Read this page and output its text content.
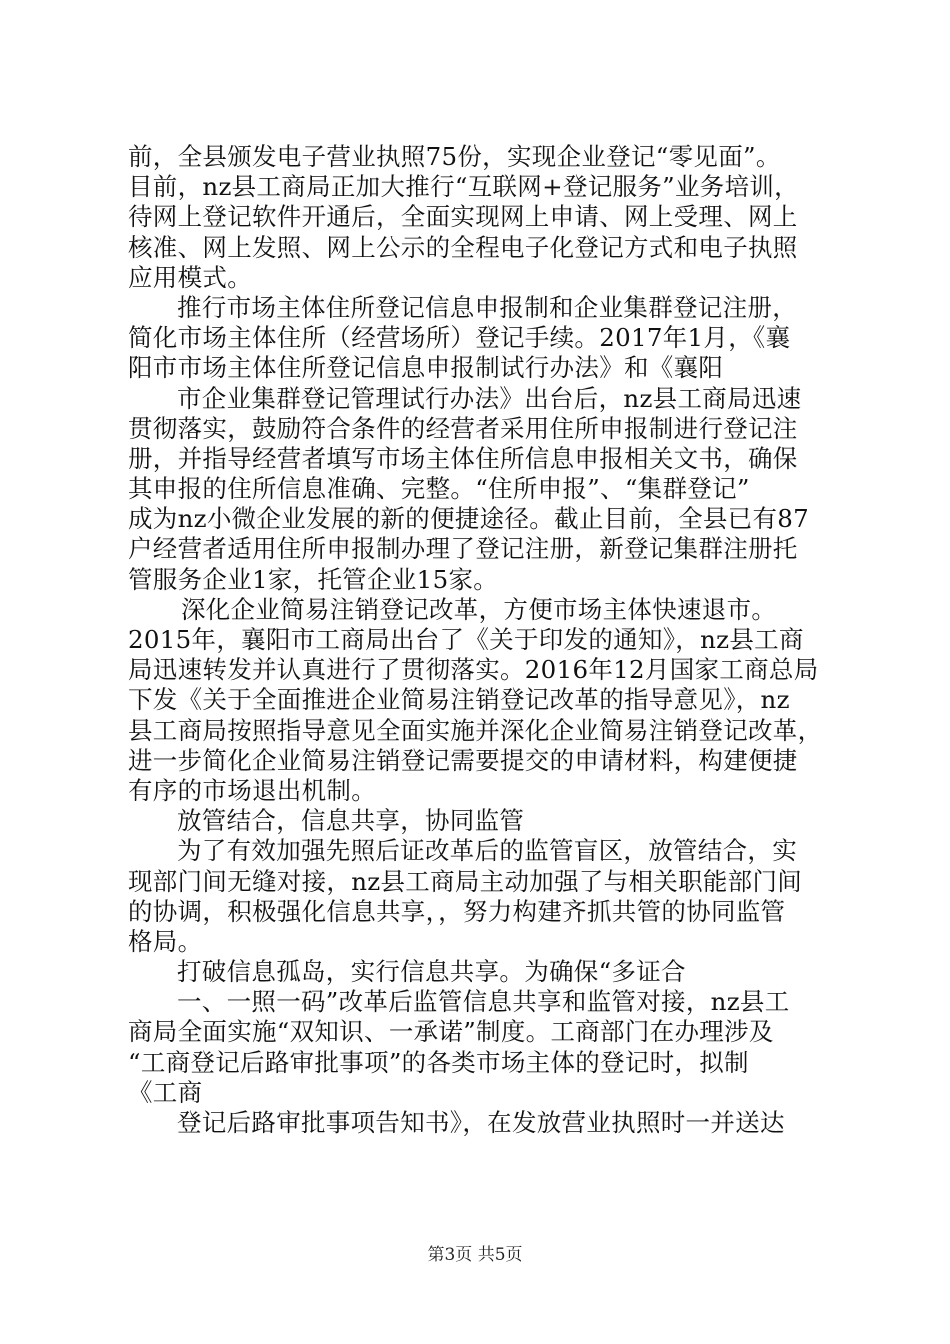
前，全县颁发电子营业执照75份，实现企业登记“零见面”。
目前，nz县工商局正加大推行“互联网+登记服务”业务培训，
待网上登记软件开通后，全面实现网上申请、网上受理、网上
核准、网上发照、网上公示的全程电子化登记方式和电子执照
应用模式。
推行市场主体住所登记信息申报制和企业集群登记注册，
简化市场主体住所（经营场所）登记手续。2017年1月，《襄
阳市市场主体住所登记信息申报制试行办法》和《襄阳
市企业集群登记管理试行办法》出台后，nz县工商局迅速
贯彻落实，鼓励符合条件的经营者采用住所申报制进行登记注
册，并指导经营者填写市场主体住所信息申报相关文书，确保
其申报的住所信息准确、完整。“住所申报”、“集群登记”
成为nz小微企业发展的新的便捷途径。截止目前，全县已有87
户经营者适用住所申报制办理了登记注册，新登记集群注册托
管服务企业1家，托管企业15家。
深化企业简易注销登记改革，方便市场主体快速退市。
2015年，襄阳市工商局出台了《关于印发的通知》，nz县工商
局迅速转发并认真进行了贯彻落实。2016年12月国家工商总局
下发《关于全面推进企业简易注销登记改革的指导意见》，nz
县工商局按照指导意见全面实施并深化企业简易注销登记改革，
进一步简化企业简易注销登记需要提交的申请材料，构建便捷
有序的市场退出机制。
放管结合，信息共享，协同监管
为了有效加强先照后证改革后的监管盲区，放管结合，实
现部门间无缝对接，nz县工商局主动加强了与相关职能部门间
的协调，积极强化信息共享，，努力构建齐抓共管的协同监管
格局。
打破信息孤岛，实行信息共享。为确保“多证合
一、一照一码”改革后监管信息共享和监管对接，nz县工
商局全面实施“双知识、一承诺”制度。工商部门在办理涉及
“工商登记后路审批事项”的各类市场主体的登记时，拟制
《工商
登记后路审批事项告知书》，在发放营业执照时一并送达
第3页 共5页
